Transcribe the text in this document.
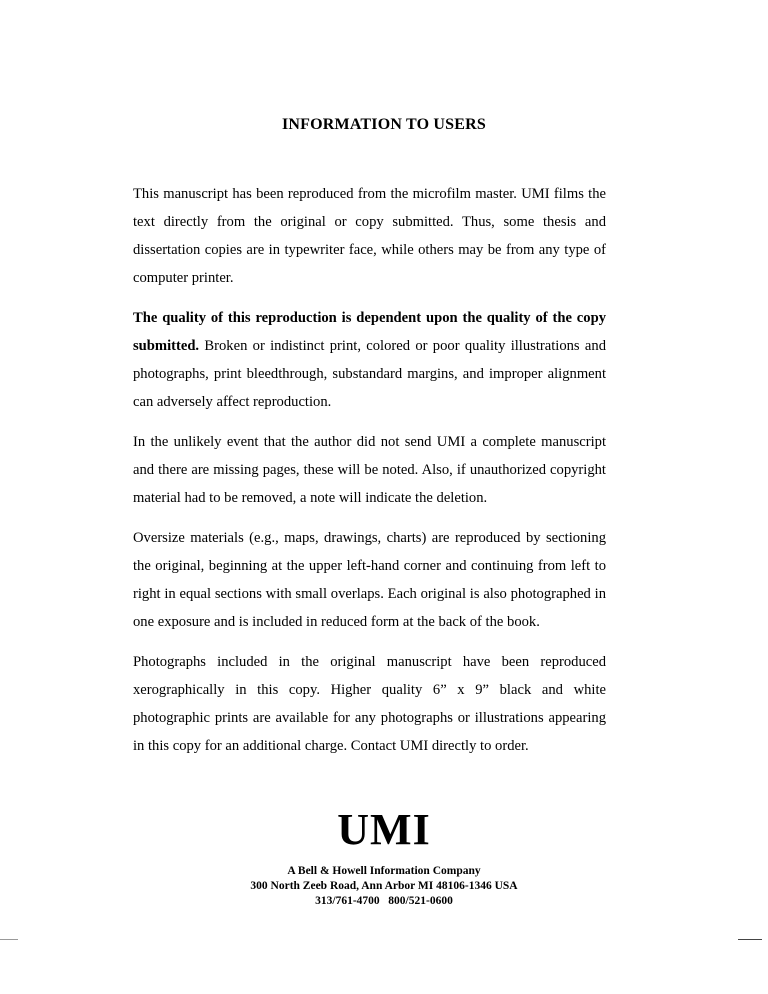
INFORMATION TO USERS

This manuscript has been reproduced from the microfilm master. UMI films the text directly from the original or copy submitted. Thus, some thesis and dissertation copies are in typewriter face, while others may be from any type of computer printer.

The quality of this reproduction is dependent upon the quality of the copy submitted. Broken or indistinct print, colored or poor quality illustrations and photographs, print bleedthrough, substandard margins, and improper alignment can adversely affect reproduction.

In the unlikely event that the author did not send UMI a complete manuscript and there are missing pages, these will be noted. Also, if unauthorized copyright material had to be removed, a note will indicate the deletion.

Oversize materials (e.g., maps, drawings, charts) are reproduced by sectioning the original, beginning at the upper left-hand corner and continuing from left to right in equal sections with small overlaps. Each original is also photographed in one exposure and is included in reduced form at the back of the book.

Photographs included in the original manuscript have been reproduced xerographically in this copy. Higher quality 6” x 9” black and white photographic prints are available for any photographs or illustrations appearing in this copy for an additional charge. Contact UMI directly to order.

UMI
A Bell & Howell Information Company
300 North Zeeb Road, Ann Arbor MI 48106-1346 USA
313/761-4700   800/521-0600
